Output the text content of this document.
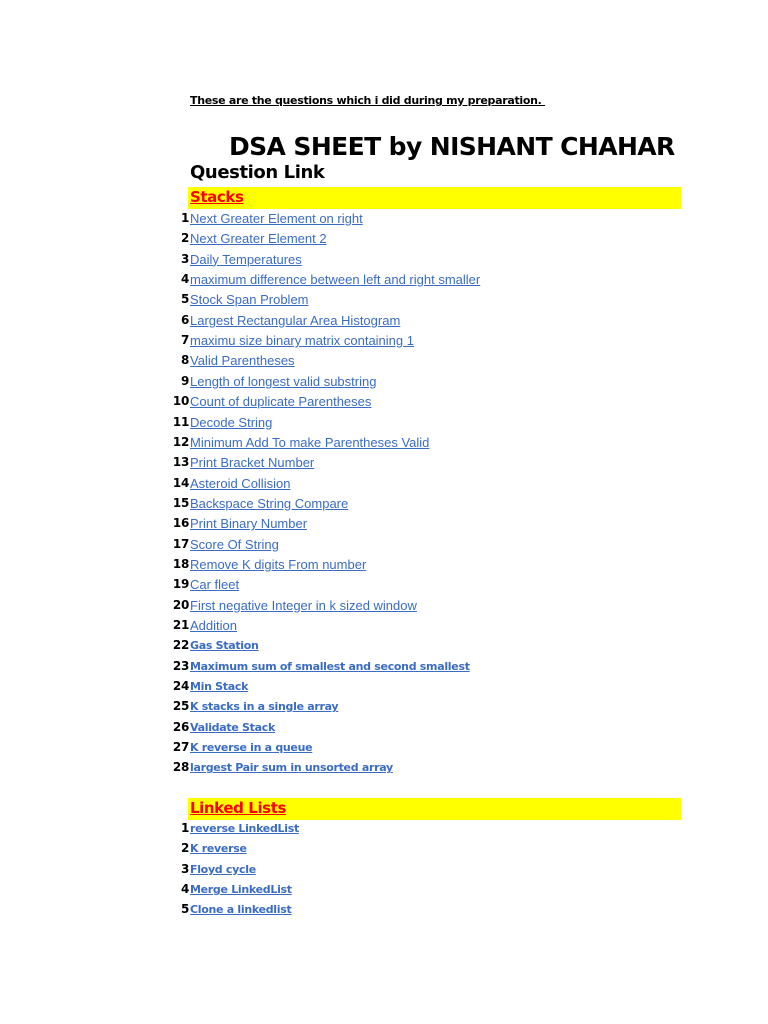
These are the questions which i did during my preparation.
DSA SHEET by NISHANT CHAHAR
Question Link
Stacks
1 Next Greater Element on right
2 Next Greater Element 2
3 Daily Temperatures
4 maximum difference between left and right smaller
5 Stock Span Problem
6 Largest Rectangular Area Histogram
7 maximu size binary matrix containing 1
8 Valid Parentheses
9 Length of longest valid substring
10 Count of duplicate Parentheses
11 Decode String
12 Minimum Add To make Parentheses Valid
13 Print Bracket Number
14 Asteroid Collision
15 Backspace String Compare
16 Print Binary Number
17 Score Of String
18 Remove K digits From number
19 Car fleet
20 First negative Integer in k sized window
21 Addition
22 Gas Station
23 Maximum sum of smallest and second smallest
24 Min Stack
25 K stacks in a single array
26 Validate Stack
27 K reverse in a queue
28 largest Pair sum in unsorted array
Linked Lists
1 reverse LinkedList
2 K reverse
3 Floyd cycle
4 Merge LinkedList
5 Clone a linkedlist
